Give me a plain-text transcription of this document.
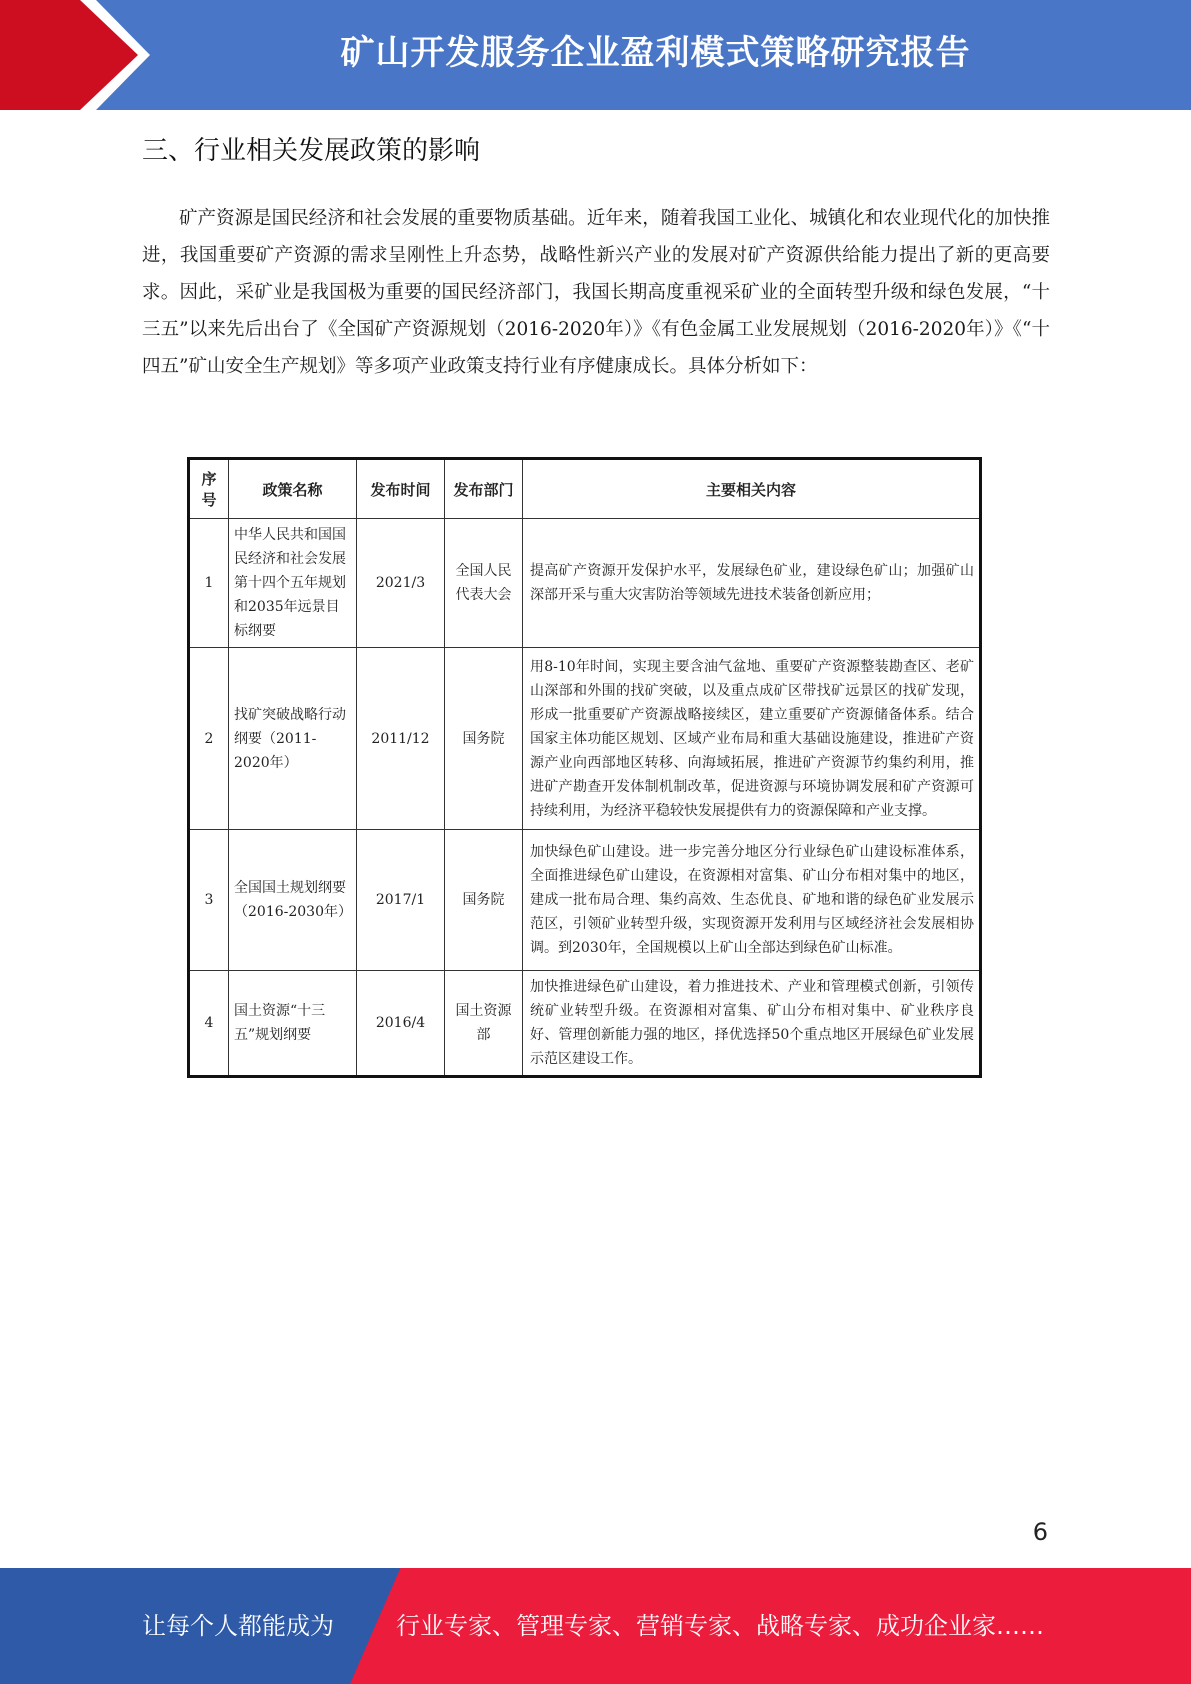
矿山开发服务企业盈利模式策略研究报告
三、行业相关发展政策的影响
矿产资源是国民经济和社会发展的重要物质基础。近年来，随着我国工业化、城镇化和农业现代化的加快推进，我国重要矿产资源的需求呈刚性上升态势，战略性新兴产业的发展对矿产资源供给能力提出了新的更高要求。因此，采矿业是我国极为重要的国民经济部门，我国长期高度重视采矿业的全面转型升级和绿色发展，“十三五”以来先后出台了《全国矿产资源规划（2016-2020年）》《有色金属工业发展规划（2016-2020年）》《“十四五”矿山安全生产规划》等多项产业政策支持行业有序健康成长。具体分析如下：
序号	政策名称	发布时间	发布部门	主要相关内容
1	中华人民共和国国民经济和社会发展第十四个五年规划和2035年远景目标纲要	2021/3	全国人民代表大会	提高矿产资源开发保护水平，发展绿色矿业，建设绿色矿山；加强矿山深部开采与重大灾害防治等领域先进技术装备创新应用；
2	找矿突破战略行动纲要（2011-2020年）	2011/12	国务院	用8-10年时间，实现主要含油气盆地、重要矿产资源整装勘查区、老矿山深部和外围的找矿突破，以及重点成矿区带找矿远景区的找矿发现，形成一批重要矿产资源战略接续区，建立重要矿产资源储备体系。结合国家主体功能区规划、区域产业布局和重大基础设施建设，推进矿产资源产业向西部地区转移、向海域拓展，推进矿产资源节约集约利用，推进矿产勘查开发体制机制改革，促进资源与环境协调发展和矿产资源可持续利用，为经济平稳较快发展提供有力的资源保障和产业支撑。
3	全国国土规划纲要（2016-2030年）	2017/1	国务院	加快绿色矿山建设。进一步完善分地区分行业绿色矿山建设标准体系，全面推进绿色矿山建设，在资源相对富集、矿山分布相对集中的地区，建成一批布局合理、集约高效、生态优良、矿地和谐的绿色矿业发展示范区，引领矿业转型升级，实现资源开发利用与区域经济社会发展相协调。到2030年，全国规模以上矿山全部达到绿色矿山标准。
4	国土资源“十三五”规划纲要	2016/4	国土资源部	加快推进绿色矿山建设，着力推进技术、产业和管理模式创新，引领传统矿业转型升级。在资源相对富集、矿山分布相对集中、矿业秩序良好、管理创新能力强的地区，择优选择50个重点地区开展绿色矿业发展示范区建设工作。
6
让每个人都能成为	行业专家、管理专家、营销专家、战略专家、成功企业家……
